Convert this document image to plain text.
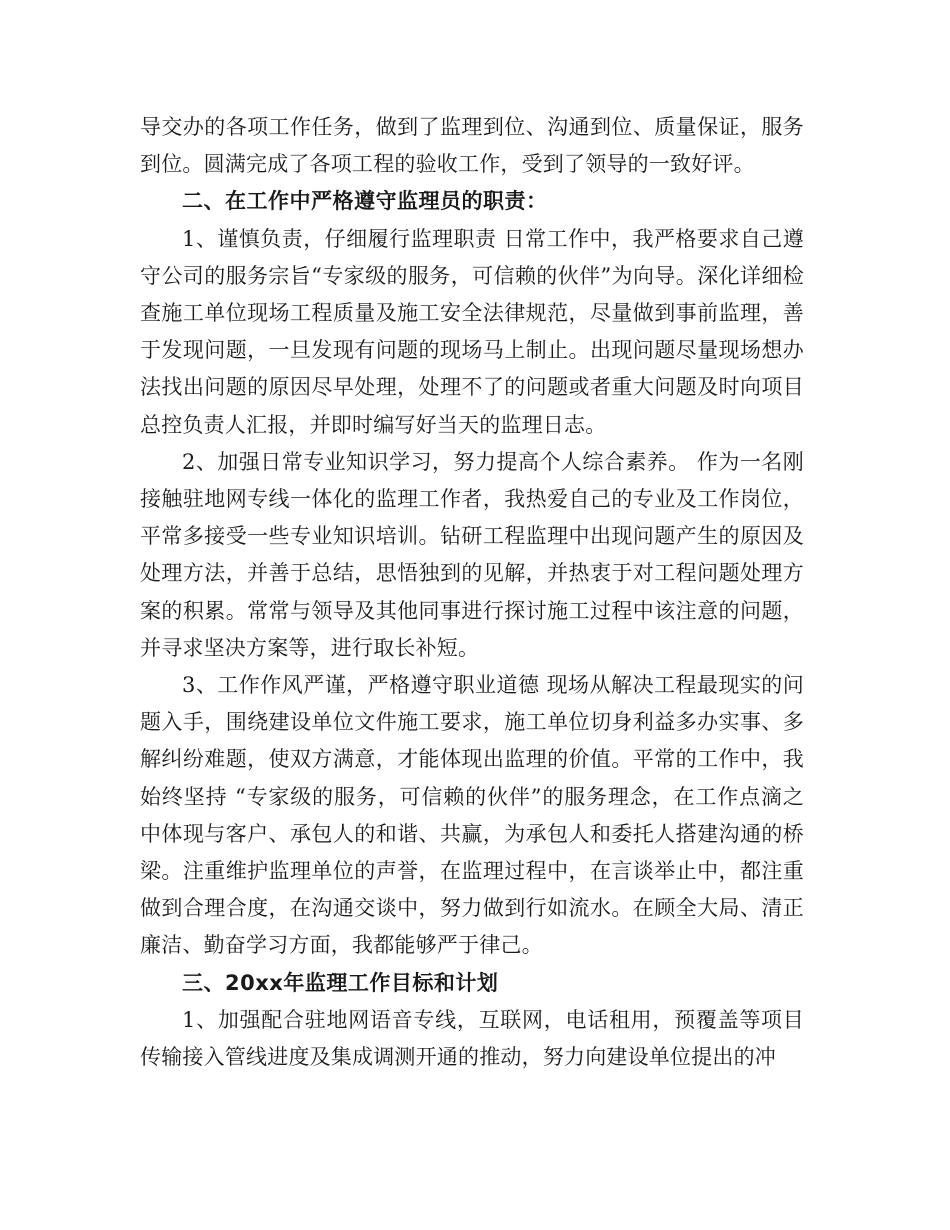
导交办的各项工作任务，做到了监理到位、沟通到位、质量保证，服务到位。圆满完成了各项工程的验收工作，受到了领导的一致好评。

二、在工作中严格遵守监理员的职责：

1、谨慎负责，仔细履行监理职责 日常工作中，我严格要求自己遵守公司的服务宗旨“专家级的服务，可信赖的伙伴”为向导。深化详细检查施工单位现场工程质量及施工安全法律规范，尽量做到事前监理，善于发现问题，一旦发现有问题的现场马上制止。出现问题尽量现场想办法找出问题的原因尽早处理，处理不了的问题或者重大问题及时向项目总控负责人汇报，并即时编写好当天的监理日志。

2、加强日常专业知识学习，努力提高个人综合素养。 作为一名刚接触驻地网专线一体化的监理工作者，我热爱自己的专业及工作岗位，平常多接受一些专业知识培训。钻研工程监理中出现问题产生的原因及处理方法，并善于总结，思悟独到的见解，并热衷于对工程问题处理方案的积累。常常与领导及其他同事进行探讨施工过程中该注意的问题，并寻求坚决方案等，进行取长补短。

3、工作作风严谨，严格遵守职业道德 现场从解决工程最现实的问题入手，围绕建设单位文件施工要求，施工单位切身利益多办实事、多解纠纷难题，使双方满意，才能体现出监理的价值。平常的工作中，我始终坚持 “专家级的服务，可信赖的伙伴”的服务理念，在工作点滴之中体现与客户、承包人的和谐、共赢，为承包人和委托人搭建沟通的桥梁。注重维护监理单位的声誉，在监理过程中，在言谈举止中，都注重做到合理合度，在沟通交谈中，努力做到行如流水。在顾全大局、清正廉洁、勤奋学习方面，我都能够严于律己。

三、20xx年监理工作目标和计划

1、加强配合驻地网语音专线，互联网，电话租用，预覆盖等项目传输接入管线进度及集成调测开通的推动，努力向建设单位提出的冲
